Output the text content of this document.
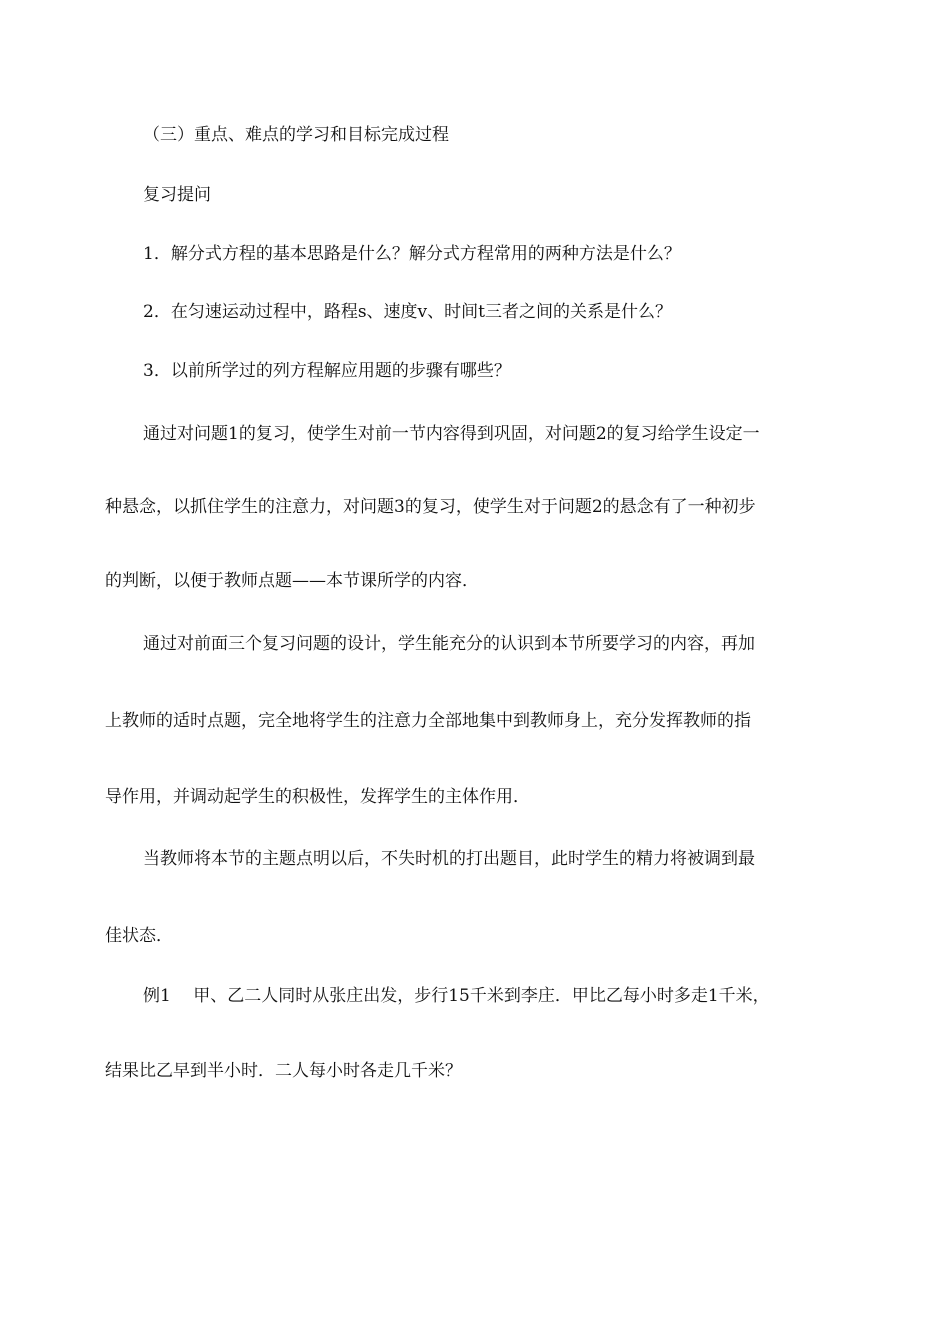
（三）重点、难点的学习和目标完成过程

复习提问

1．解分式方程的基本思路是什么？解分式方程常用的两种方法是什么？

2．在匀速运动过程中，路程s、速度v、时间t三者之间的关系是什么？

3．以前所学过的列方程解应用题的步骤有哪些？

通过对问题1的复习，使学生对前一节内容得到巩固，对问题2的复习给学生设定一

种悬念，以抓住学生的注意力，对问题3的复习，使学生对于问题2的悬念有了一种初步

的判断，以便于教师点题——本节课所学的内容．

通过对前面三个复习问题的设计，学生能充分的认识到本节所要学习的内容，再加

上教师的适时点题，完全地将学生的注意力全部地集中到教师身上，充分发挥教师的指

导作用，并调动起学生的积极性，发挥学生的主体作用．

当教师将本节的主题点明以后，不失时机的打出题目，此时学生的精力将被调到最

佳状态．

例1　 甲、乙二人同时从张庄出发，步行15千米到李庄．甲比乙每小时多走1千米，

结果比乙早到半小时．二人每小时各走几千米？
